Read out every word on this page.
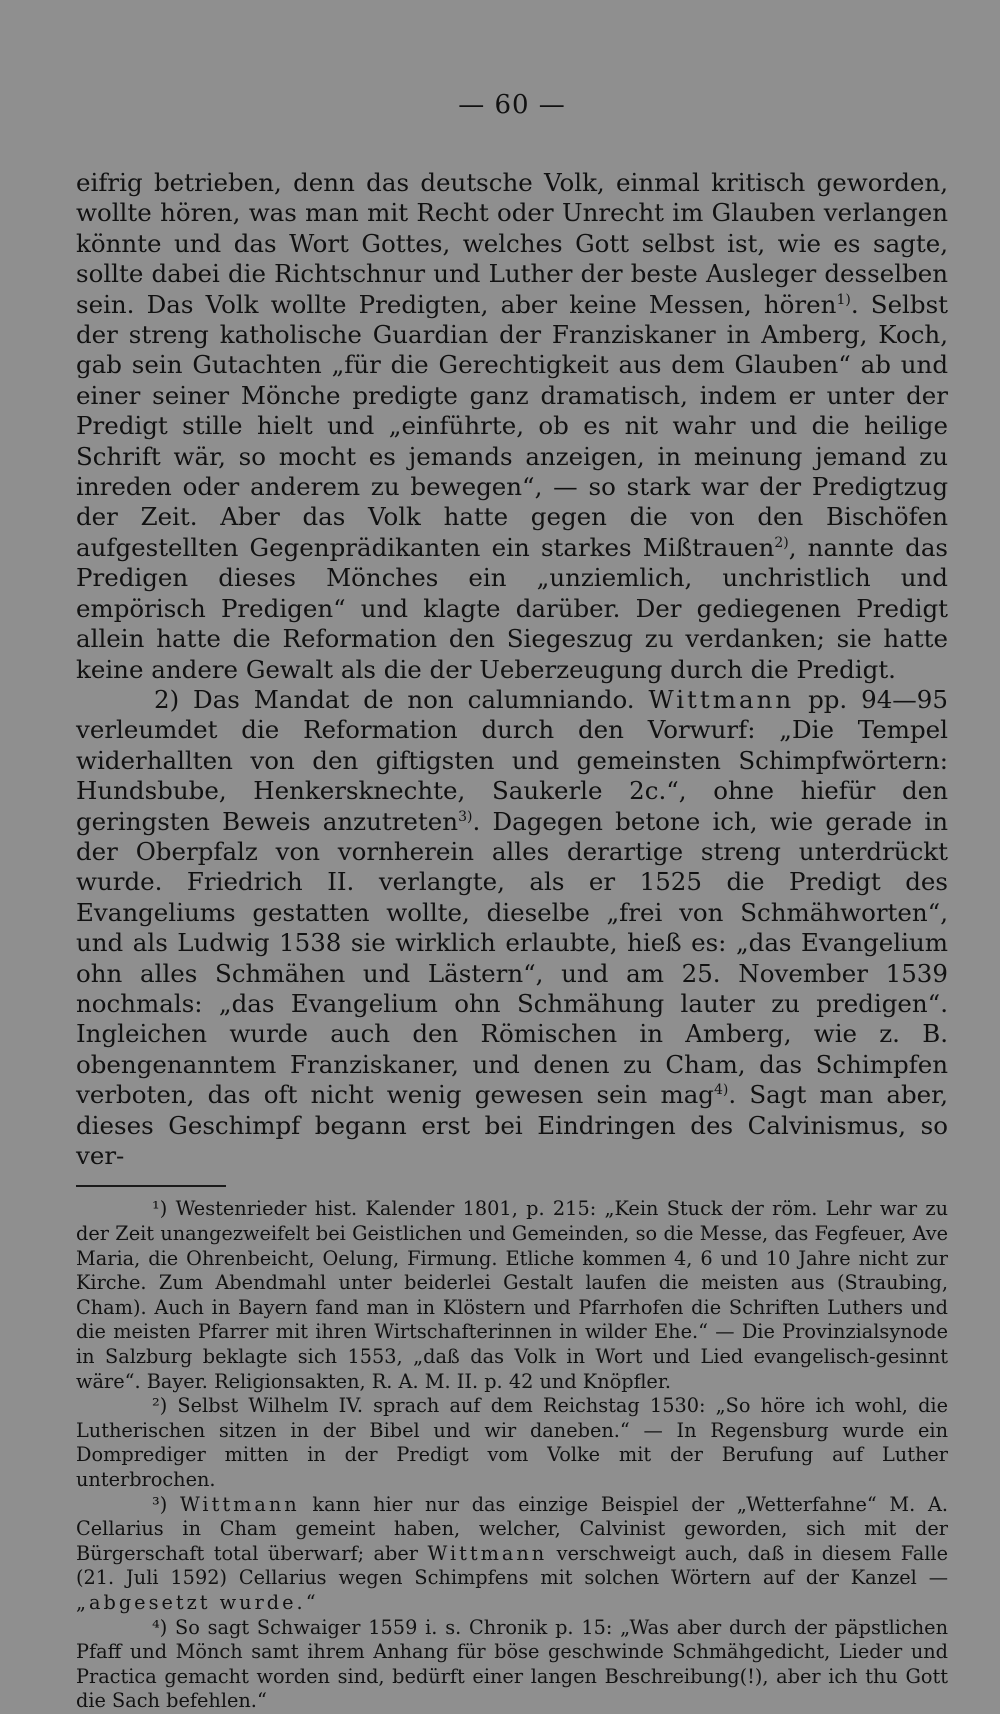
— 60 —

eifrig betrieben, denn das deutsche Volk, einmal kritisch geworden, wollte hören, was man mit Recht oder Unrecht im Glauben verlangen könnte und das Wort Gottes, welches Gott selbst ist, wie es sagte, sollte dabei die Richtschnur und Luther der beste Ausleger desselben sein. Das Volk wollte Predigten, aber keine Messen, hören$^{1)}$. Selbst der streng katholische Guardian der Franziskaner in Amberg, Koch, gab sein Gutachten „für die Gerechtigkeit aus dem Glauben“ ab und einer seiner Mönche predigte ganz dramatisch, indem er unter der Predigt stille hielt und „einführte, ob es nit wahr und die heilige Schrift wär, so mocht es jemands anzeigen, in meinung jemand zu inreden oder anderem zu bewegen“, — so stark war der Predigtzug der Zeit. Aber das Volk hatte gegen die von den Bischöfen aufgestellten Gegenprädikanten ein starkes Mißtrauen$^{2)}$, nannte das Predigen dieses Mönches ein „unziemlich, unchristlich und empörisch Predigen“ und klagte darüber. Der gediegenen Predigt allein hatte die Reformation den Siegeszug zu verdanken; sie hatte keine andere Gewalt als die der Ueberzeugung durch die Predigt.

2) Das Mandat de non calumniando. Wittmann pp. 94—95 verleumdet die Reformation durch den Vorwurf: „Die Tempel widerhallten von den giftigsten und gemeinsten Schimpfwörtern: Hundsbube, Henkersknechte, Saukerle 2c.“, ohne hiefür den geringsten Beweis anzutreten$^{3)}$. Dagegen betone ich, wie gerade in der Oberpfalz von vornherein alles derartige streng unterdrückt wurde. Friedrich II. verlangte, als er 1525 die Predigt des Evangeliums gestatten wollte, dieselbe „frei von Schmähworten“, und als Ludwig 1538 sie wirklich erlaubte, hieß es: „das Evangelium ohn alles Schmähen und Lästern“, und am 25. November 1539 nochmals: „das Evangelium ohn Schmähung lauter zu predigen“. Ingleichen wurde auch den Römischen in Amberg, wie z. B. obengenanntem Franziskaner, und denen zu Cham, das Schimpfen verboten, das oft nicht wenig gewesen sein mag$^{4)}$. Sagt man aber, dieses Geschimpf begann erst bei Eindringen des Calvinismus, so ver-

¹) Westenrieder hist. Kalender 1801, p. 215: „Kein Stuck der röm. Lehr war zu der Zeit unangezweifelt bei Geistlichen und Gemeinden, so die Messe, das Fegfeuer, Ave Maria, die Ohrenbeicht, Oelung, Firmung. Etliche kommen 4, 6 und 10 Jahre nicht zur Kirche. Zum Abendmahl unter beiderlei Gestalt laufen die meisten aus (Straubing, Cham). Auch in Bayern fand man in Klöstern und Pfarrhofen die Schriften Luthers und die meisten Pfarrer mit ihren Wirtschafterinnen in wilder Ehe.“ — Die Provinzialsynode in Salzburg beklagte sich 1553, „daß das Volk in Wort und Lied evangelisch-gesinnt wäre“. Bayer. Religionsakten, R. A. M. II. p. 42 und Knöpfler.

²) Selbst Wilhelm IV. sprach auf dem Reichstag 1530: „So höre ich wohl, die Lutherischen sitzen in der Bibel und wir daneben.“ — In Regensburg wurde ein Domprediger mitten in der Predigt vom Volke mit der Berufung auf Luther unterbrochen.

³) Wittmann kann hier nur das einzige Beispiel der „Wetterfahne“ M. A. Cellarius in Cham gemeint haben, welcher, Calvinist geworden, sich mit der Bürgerschaft total überwarf; aber Wittmann verschweigt auch, daß in diesem Falle (21. Juli 1592) Cellarius wegen Schimpfens mit solchen Wörtern auf der Kanzel — „abgesetzt wurde.“

⁴) So sagt Schwaiger 1559 i. s. Chronik p. 15: „Was aber durch der päpstlichen Pfaff und Mönch samt ihrem Anhang für böse geschwinde Schmähgedicht, Lieder und Practica gemacht worden sind, bedürft einer langen Beschreibung(!), aber ich thu Gott die Sach befehlen.“
